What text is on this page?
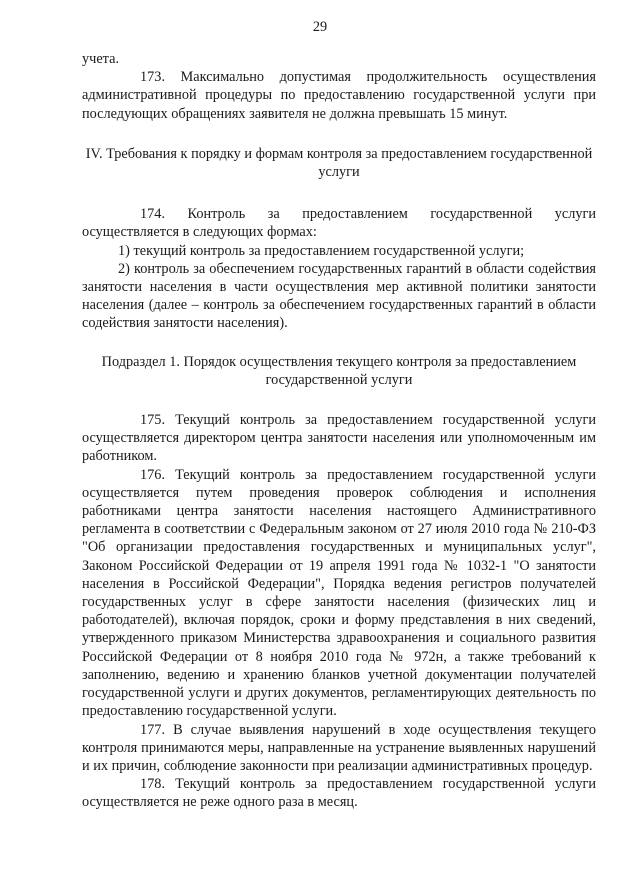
29

учета.

173. Максимально допустимая продолжительность осуществления административной процедуры по предоставлению государственной услуги при последующих обращениях заявителя не должна превышать 15 минут.

IV. Требования к порядку и формам контроля за предоставлением государственной услуги

174. Контроль за предоставлением государственной услуги осуществляется в следующих формах:

1) текущий контроль за предоставлением государственной услуги;

2) контроль за обеспечением государственных гарантий в области содействия занятости населения в части осуществления мер активной политики занятости населения (далее – контроль за обеспечением государственных гарантий в области содействия занятости населения).

Подраздел 1. Порядок осуществления текущего контроля за предоставлением государственной услуги

175. Текущий контроль за предоставлением государственной услуги осуществляется директором центра занятости населения или уполномоченным им работником.

176. Текущий контроль за предоставлением государственной услуги осуществляется путем проведения проверок соблюдения и исполнения работниками центра занятости населения настоящего Административного регламента в соответствии с Федеральным законом от 27 июля 2010 года № 210-ФЗ "Об организации предоставления государственных и муниципальных услуг", Законом Российской Федерации от 19 апреля 1991 года № 1032-1 "О занятости населения в Российской Федерации", Порядка ведения регистров получателей государственных услуг в сфере занятости населения (физических лиц и работодателей), включая порядок, сроки и форму представления в них сведений, утвержденного приказом Министерства здравоохранения и социального развития Российской Федерации от 8 ноября 2010 года № 972н, а также требований к заполнению, ведению и хранению бланков учетной документации получателей государственной услуги и других документов, регламентирующих деятельность по предоставлению государственной услуги.

177. В случае выявления нарушений в ходе осуществления текущего контроля принимаются меры, направленные на устранение выявленных нарушений и их причин, соблюдение законности при реализации административных процедур.

178. Текущий контроль за предоставлением государственной услуги осуществляется не реже одного раза в месяц.
